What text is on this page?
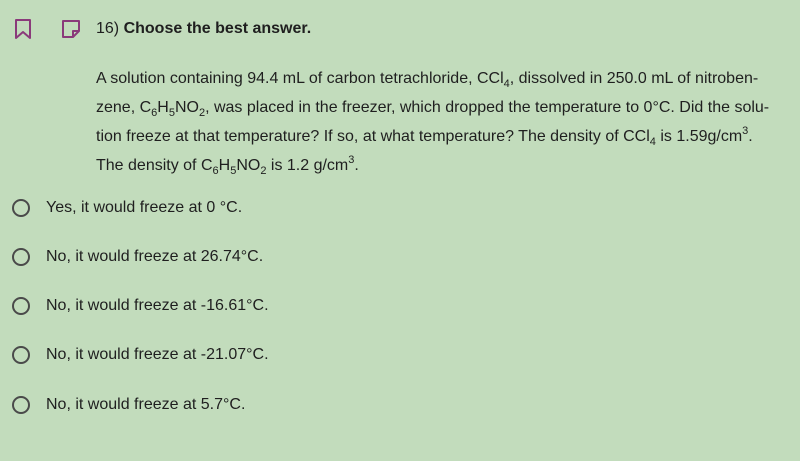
16) Choose the best answer.
A solution containing 94.4 mL of carbon tetrachloride, CCl$_4$, dissolved in 250.0 mL of nitroben-
zene, $C_6H_5NO_2$, was placed in the freezer, which dropped the temperature to 0°C. Did the solu-
tion freeze at that temperature? If so, at what temperature? The density of CCl$_4$ is $1.59g/cm^3$.
The density of $C_6H_5NO_2$ is 1.2 $g/cm^3$.
Yes, it would freeze at 0 °C.
No, it would freeze at 26.74°C.
No, it would freeze at -16.61°C.
No, it would freeze at -21.07°C.
No, it would freeze at 5.7°C.
